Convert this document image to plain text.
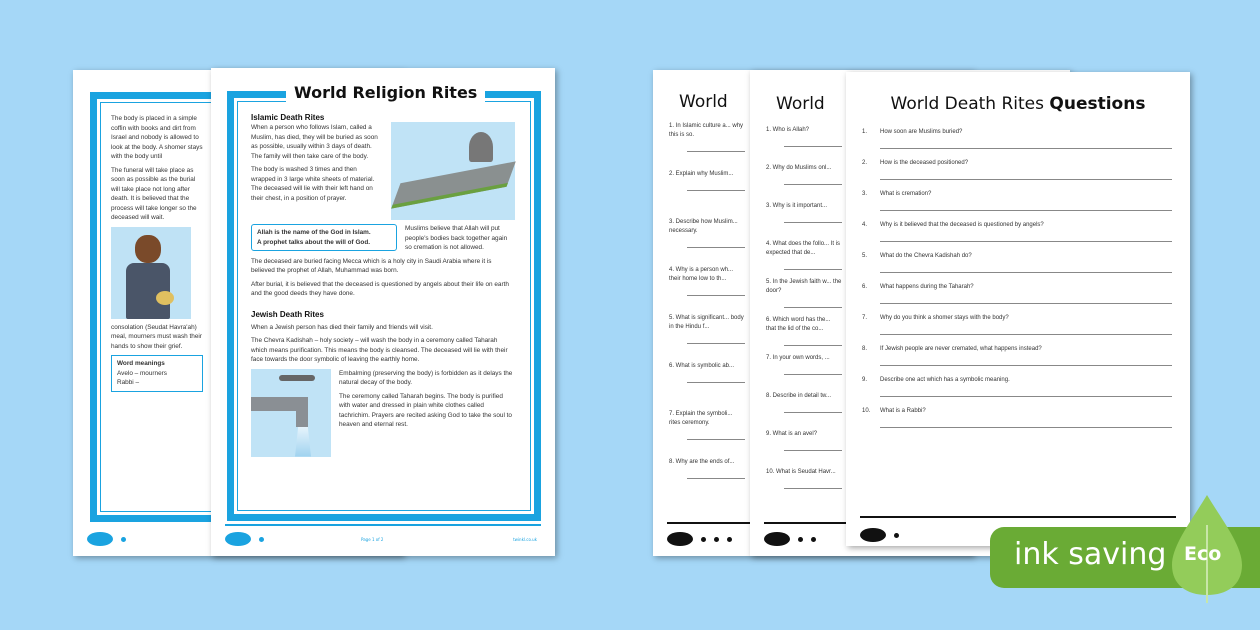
The body is placed in a simple coffin with books and dirt from Israel and nobody is allowed to look at the body. A shomer stays with the body until

The funeral will take place as soon as possible as the burial will take place not long after death. It is believed that the process will take longer so the deceased will wait.

consolation (Seudat Havra'ah) meal, mourners must wash their hands to show their grief.

Word meanings
Avelo – mourners
Rabbi –
World Religion Rites
Islamic Death Rites

When a person who follows Islam, called a Muslim, has died, they will be buried as soon as possible, usually within 3 days of death. The family will then take care of the body.

The body is washed 3 times and then wrapped in 3 large white sheets of material. The deceased will lie with their left hand on their chest, in a position of prayer.

Allah is the name of the God in Islam.
A prophet talks about the will of God.

Muslims believe that Allah will put people's bodies back together again so cremation is not allowed.

The deceased are buried facing Mecca which is a holy city in Saudi Arabia where it is believed the prophet of Allah, Muhammad was born.

After burial, it is believed that the deceased is questioned by angels about their life on earth and the good deeds they have done.

Jewish Death Rites

When a Jewish person has died their family and friends will visit.

The Chevra Kadishah – holy society – will wash the body in a ceremony called Taharah which means purification. This means the body is cleansed. The deceased will lie with their face towards the door symbolic of leaving the earthly home.

Embalming (preserving the body) is forbidden as it delays the natural decay of the body.

The ceremony called Taharah begins. The body is purified with water and dressed in plain white clothes called tachrichim. Prayers are recited asking God to take the soul to heaven and eternal rest.

Page 1 of 2	twinkl.co.uk
World
1. In Islamic culture a... why this is so.
2. Explain why Muslim...
3. Describe how Muslim... necessary.
4. Why is a person wh... their home low to th...
5. What is significant... body in the Hindu f...
6. What is symbolic ab...
7. Explain the symboli... rites ceremony.
8. Why are the ends of...
World
1. Who is Allah?
2. Why do Muslims onl...
3. Why is it important...
4. What does the follo... It is expected that de...
5. In the Jewish faith w... the door?
6. Which word has the... that the lid of the co...
7. In your own words, ...
8. Describe in detail tw...
9. What is an avel?
10. What is Seudat Havr...
World Death Rites Questions
1. How soon are Muslims buried?
2. How is the deceased positioned?
3. What is cremation?
4. Why is it believed that the deceased is questioned by angels?
5. What do the Chevra Kadishah do?
6. What happens during the Taharah?
7. Why do you think a shomer stays with the body?
8. If Jewish people are never cremated, what happens instead?
9. Describe one act which has a symbolic meaning.
10. What is a Rabbi?
ink saving Eco
